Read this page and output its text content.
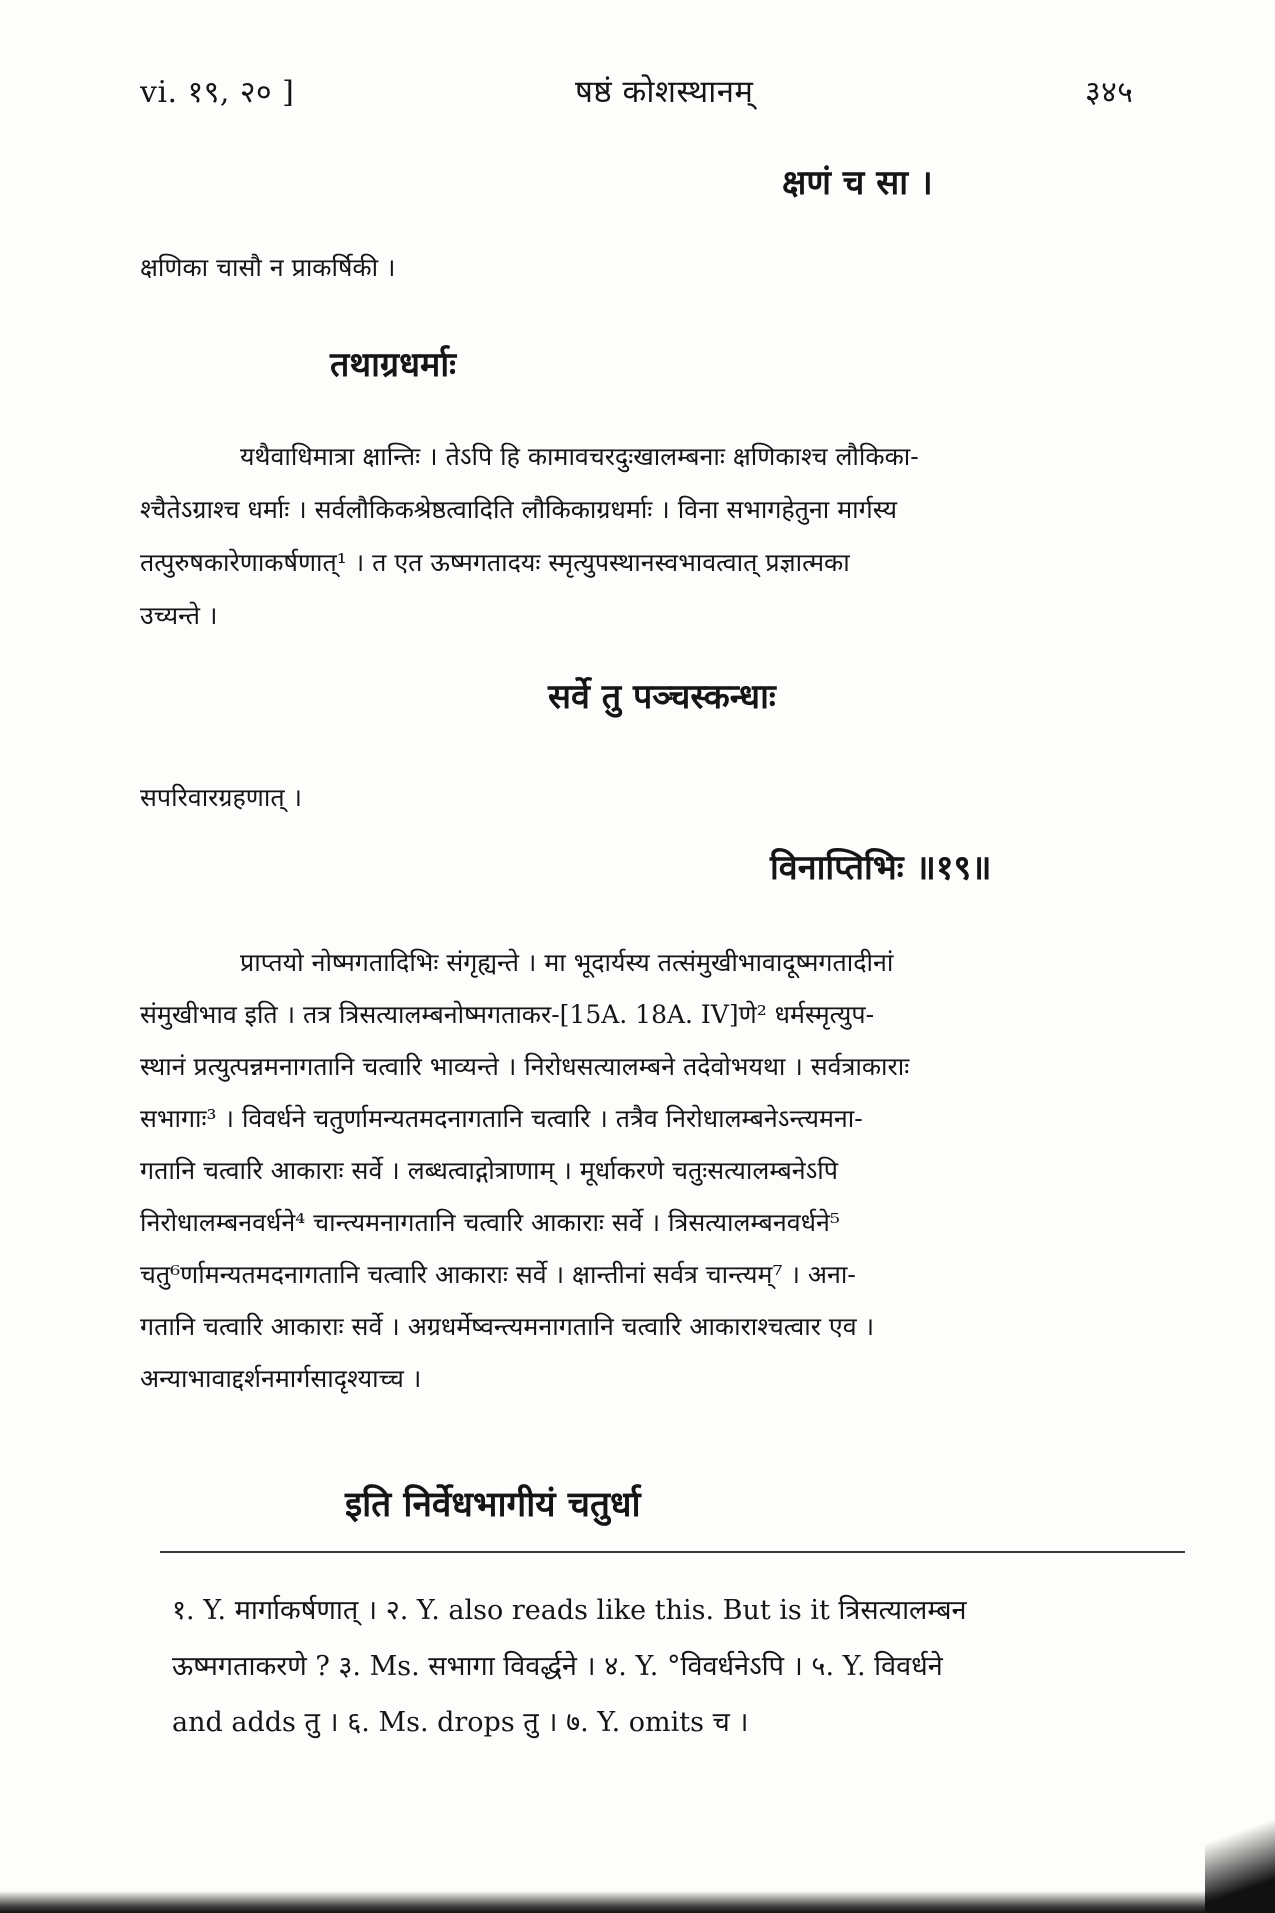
vi. १९, २० ]	षष्ठं कोशस्थानम्	३४५
क्षणं च सा ।
क्षणिका चासौ न प्राकर्षिकी ।
तथाग्रधर्माः

यथैवाधिमात्रा क्षान्तिः । तेऽपि हि कामावचरदुःखालम्बनाः क्षणिकाश्च लौकिका-

श्चैतेऽग्राश्च धर्माः । सर्वलौकिकश्रेष्ठत्वादिति लौकिकाग्रधर्माः । विना सभागहेतुना मार्गस्य

तत्पुरुषकारेणाकर्षणात्¹ । त एत ऊष्मगतादयः स्मृत्युपस्थानस्वभावत्वात् प्रज्ञात्मका

उच्यन्ते ।

सर्वे तु पञ्चस्कन्धाः
सपरिवारग्रहणात् ।
विनाप्तिभिः ॥१९॥

प्राप्तयो नोष्मगतादिभिः संगृह्यन्ते । मा भूदार्यस्य तत्संमुखीभावादूष्मगतादीनां

संमुखीभाव इति । तत्र त्रिसत्यालम्बनोष्मगताकर-[15A. 18A. IV]णे² धर्मस्मृत्युप-

स्थानं प्रत्युत्पन्नमनागतानि चत्वारि भाव्यन्ते । निरोधसत्यालम्बने तदेवोभयथा । सर्वत्राकाराः

सभागाः³ । विवर्धने चतुर्णामन्यतमदनागतानि चत्वारि । तत्रैव निरोधालम्बनेऽन्त्यमना-

गतानि चत्वारि आकाराः सर्वे । लब्धत्वाद्गोत्राणाम् । मूर्धाकरणे चतुःसत्यालम्बनेऽपि

निरोधालम्बनवर्धने⁴ चान्त्यमनागतानि चत्वारि आकाराः सर्वे । त्रिसत्यालम्बनवर्धने⁵

चतु⁶र्णामन्यतमदनागतानि चत्वारि आकाराः सर्वे । क्षान्तीनां सर्वत्र चान्त्यम्⁷ । अना-

गतानि चत्वारि आकाराः सर्वे । अग्रधर्मेष्वन्त्यमनागतानि चत्वारि आकाराश्चत्वार एव ।

अन्याभावाद्दर्शनमार्गसादृश्याच्च ।

इति निर्वेधभागीयं चतुर्धा

१. Y. मार्गाकर्षणात् । २. Y. also reads like this. But is it त्रिसत्यालम्बन

ऊष्मगताकरणे ? ३. Ms. सभागा विवर्द्धने । ४. Y. °विवर्धनेऽपि । ५. Y. विवर्धने

and adds तु । ६. Ms. drops तु । ७. Y. omits च ।
